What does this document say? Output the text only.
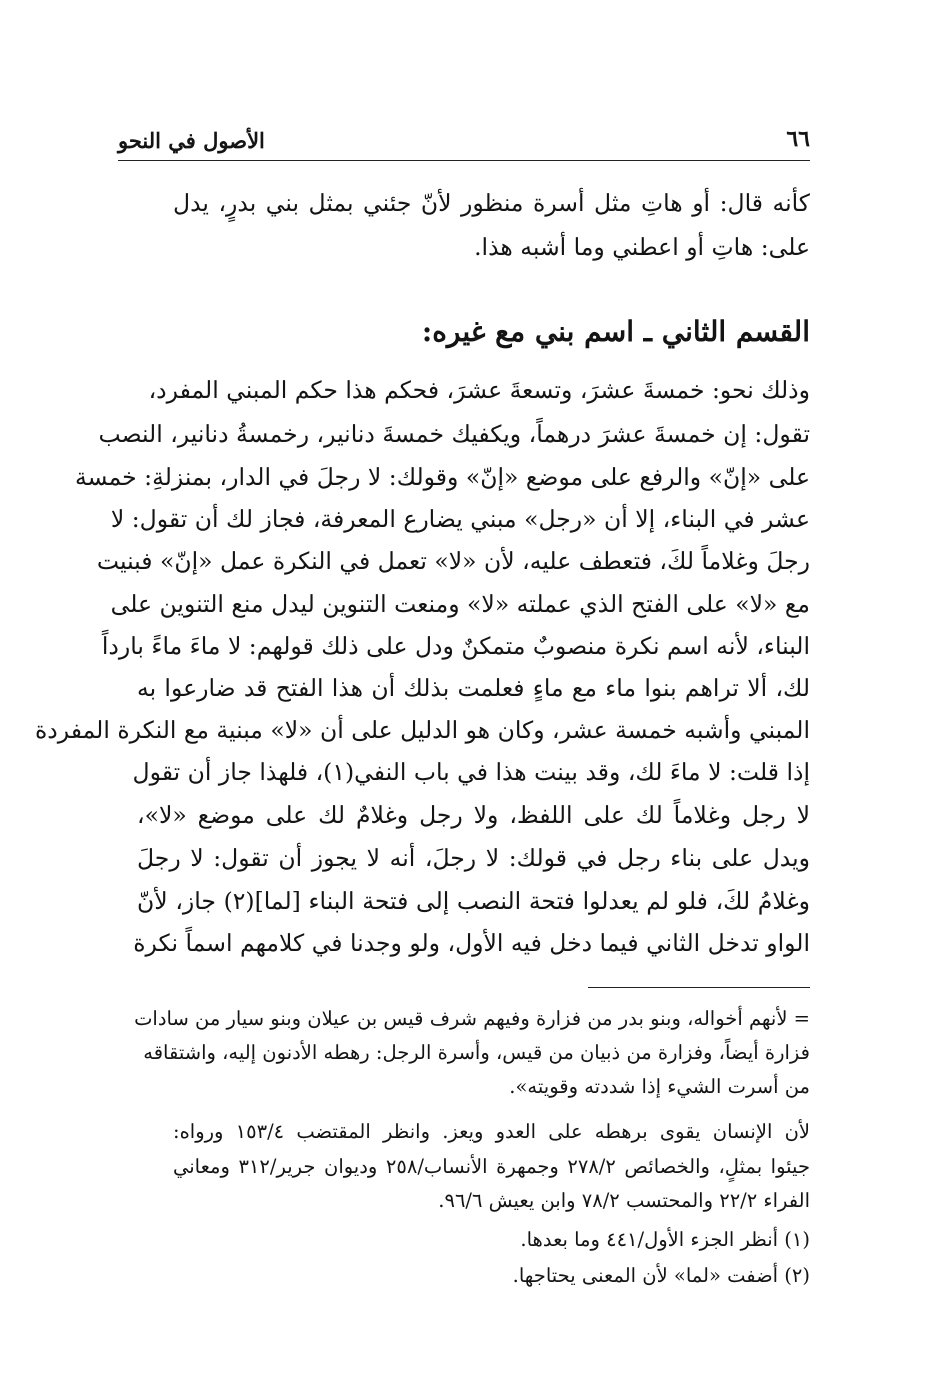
الأصول في النحو	٦٦
كأنه قال: أو هاتِ مثل أسرة منظور لأنّ جئني بمثل بني بدرٍ، يدل
على: هاتِ أو اعطني وما أشبه هذا.
القسم الثاني ـ اسم بني مع غيره:
وذلك نحو: خمسةَ عشرَ، وتسعةَ عشرَ، فحكم هذا حكم المبني المفرد،
تقول: إن خمسةَ عشرَ درهماً، ويكفيك خمسةَ دنانير، رخمسةُ دنانير، النصب
على «إنّ» والرفع على موضع «إنّ» وقولك: لا رجلَ في الدار، بمنزلةِ: خمسة
عشر في البناء، إلا أن «رجل» مبني يضارع المعرفة، فجاز لك أن تقول: لا
رجلَ وغلاماً لكَ، فتعطف عليه، لأن «لا» تعمل في النكرة عمل «إنّ» فبنيت
مع «لا» على الفتح الذي عملته «لا» ومنعت التنوين ليدل منع التنوين على
البناء، لأنه اسم نكرة منصوبٌ متمكنٌ ودل على ذلك قولهم: لا ماءَ ماءً بارداً
لك، ألا تراهم بنوا ماء مع ماءٍ فعلمت بذلك أن هذا الفتح قد ضارعوا به
المبني وأشبه خمسة عشر، وكان هو الدليل على أن «لا» مبنية مع النكرة المفردة
إذا قلت: لا ماءَ لك، وقد بينت هذا في باب النفي(١)، فلهذا جاز أن تقول
لا رجل وغلاماً لك على اللفظ، ولا رجل وغلامٌ لك على موضع «لا»،
ويدل على بناء رجل في قولك: لا رجلَ، أنه لا يجوز أن تقول: لا رجلَ
وغلامُ لكَ، فلو لم يعدلوا فتحة النصب إلى فتحة البناء [لما](٢) جاز، لأنّ
الواو تدخل الثاني فيما دخل فيه الأول، ولو وجدنا في كلامهم اسماً نكرة
= لأنهم أخواله، وبنو بدر من فزارة وفيهم شرف قيس بن عيلان وبنو سيار من سادات
فزارة أيضاً، وفزارة من ذبيان من قيس، وأسرة الرجل: رهطه الأدنون إليه، واشتقاقه
من أسرت الشيء إذا شددته وقويته».
لأن الإنسان يقوى برهطه على العدو ويعز. وانظر المقتضب ١٥٣/٤ ورواه:
جيئوا بمثلٍ، والخصائص ٢٧٨/٢ وجمهرة الأنساب/٢٥٨ وديوان جرير/٣١٢ ومعاني
الفراء ٢٢/٢ والمحتسب ٧٨/٢ وابن يعيش ٩٦/٦.
(١) أنظر الجزء الأول/٤٤١ وما بعدها.
(٢) أضفت «لما» لأن المعنى يحتاجها.
